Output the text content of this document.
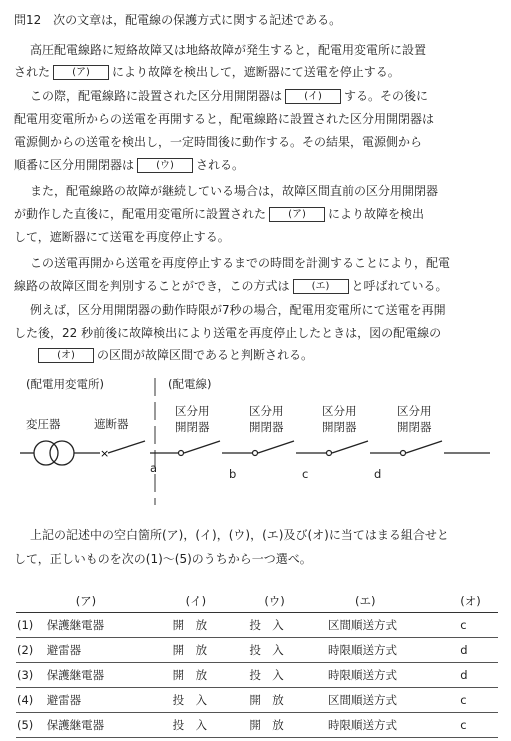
問12 次の文章は，配電線の保護方式に関する記述である。
高圧配電線路に短絡故障又は地絡故障が発生すると，配電用変電所に設置
された (ア) により故障を検出して，遮断器にて送電を停止する。
この際，配電線路に設置された区分用開閉器は (イ) する。その後に
配電用変電所からの送電を再開すると，配電線路に設置された区分用開閉器は
電源側からの送電を検出し，一定時間後に動作する。その結果，電源側から
順番に区分用開閉器は (ウ) される。
また，配電線路の故障が継続している場合は，故障区間直前の区分用開閉器
が動作した直後に，配電用変電所に設置された (ア) により故障を検出
して，遮断器にて送電を再度停止する。
この送電再開から送電を再度停止するまでの時間を計測することにより，配電
線路の故障区間を判別することができ，この方式は (エ) と呼ばれている。
例えば，区分用開閉器の動作時限が7秒の場合，配電用変電所にて送電を再開
した後，22 秒前後に故障検出により送電を再度停止したときは，図の配電線の
(オ) の区間が故障区間であると判断される。
(配電用変電所)	(配電線)
変圧器	遮断器
区分用
開閉器
区分用
開閉器
区分用
開閉器
区分用
開閉器
×
a	b	c	d
上記の記述中の空白箇所(ア)，(イ)，(ウ)，(エ)及び(オ)に当てはまる組合せと
して，正しいものを次の(1)～(5)のうちから一つ選べ。
	(ア)	(イ)	(ウ)	(エ)	(オ)
(1)	保護継電器	開　放	投　入	区間順送方式	c
(2)	避雷器	開　放	投　入	時限順送方式	d
(3)	保護継電器	開　放	投　入	時限順送方式	d
(4)	避雷器	投　入	開　放	区間順送方式	c
(5)	保護継電器	投　入	開　放	時限順送方式	c
